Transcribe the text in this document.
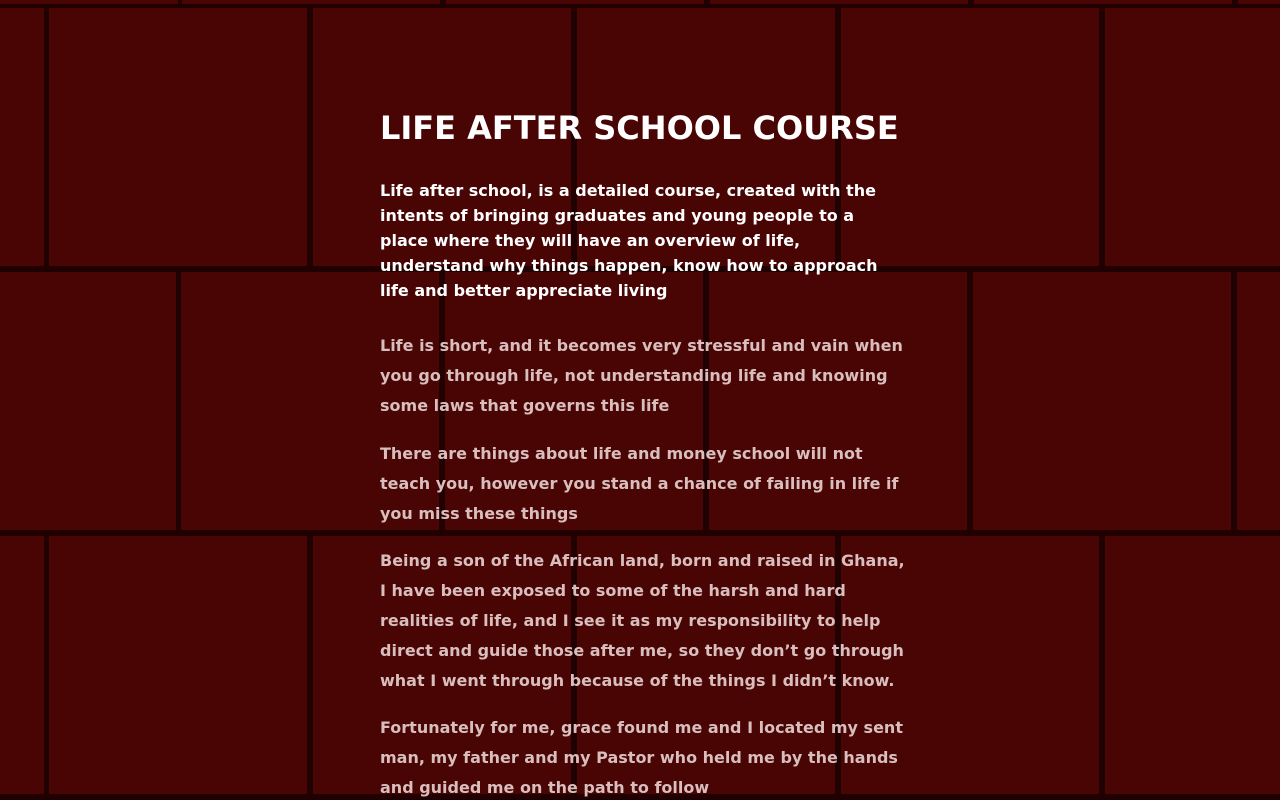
LIFE AFTER SCHOOL COURSE

Life after school, is a detailed course, created with the intents of bringing graduates and young people to a place where they will have an overview of life, understand why things happen, know how to approach life and better appreciate living

Life is short, and it becomes very stressful and vain when you go through life, not understanding life and knowing some laws that governs this life

There are things about life and money school will not teach you, however you stand a chance of failing in life if you miss these things

Being a son of the African land, born and raised in Ghana, I have been exposed to some of the harsh and hard realities of life, and I see it as my responsibility to help direct and guide those after me, so they don’t go through what I went through because of the things I didn’t know.

Fortunately for me, grace found me and I located my sent man, my father and my Pastor who held me by the hands and guided me on the path to follow
